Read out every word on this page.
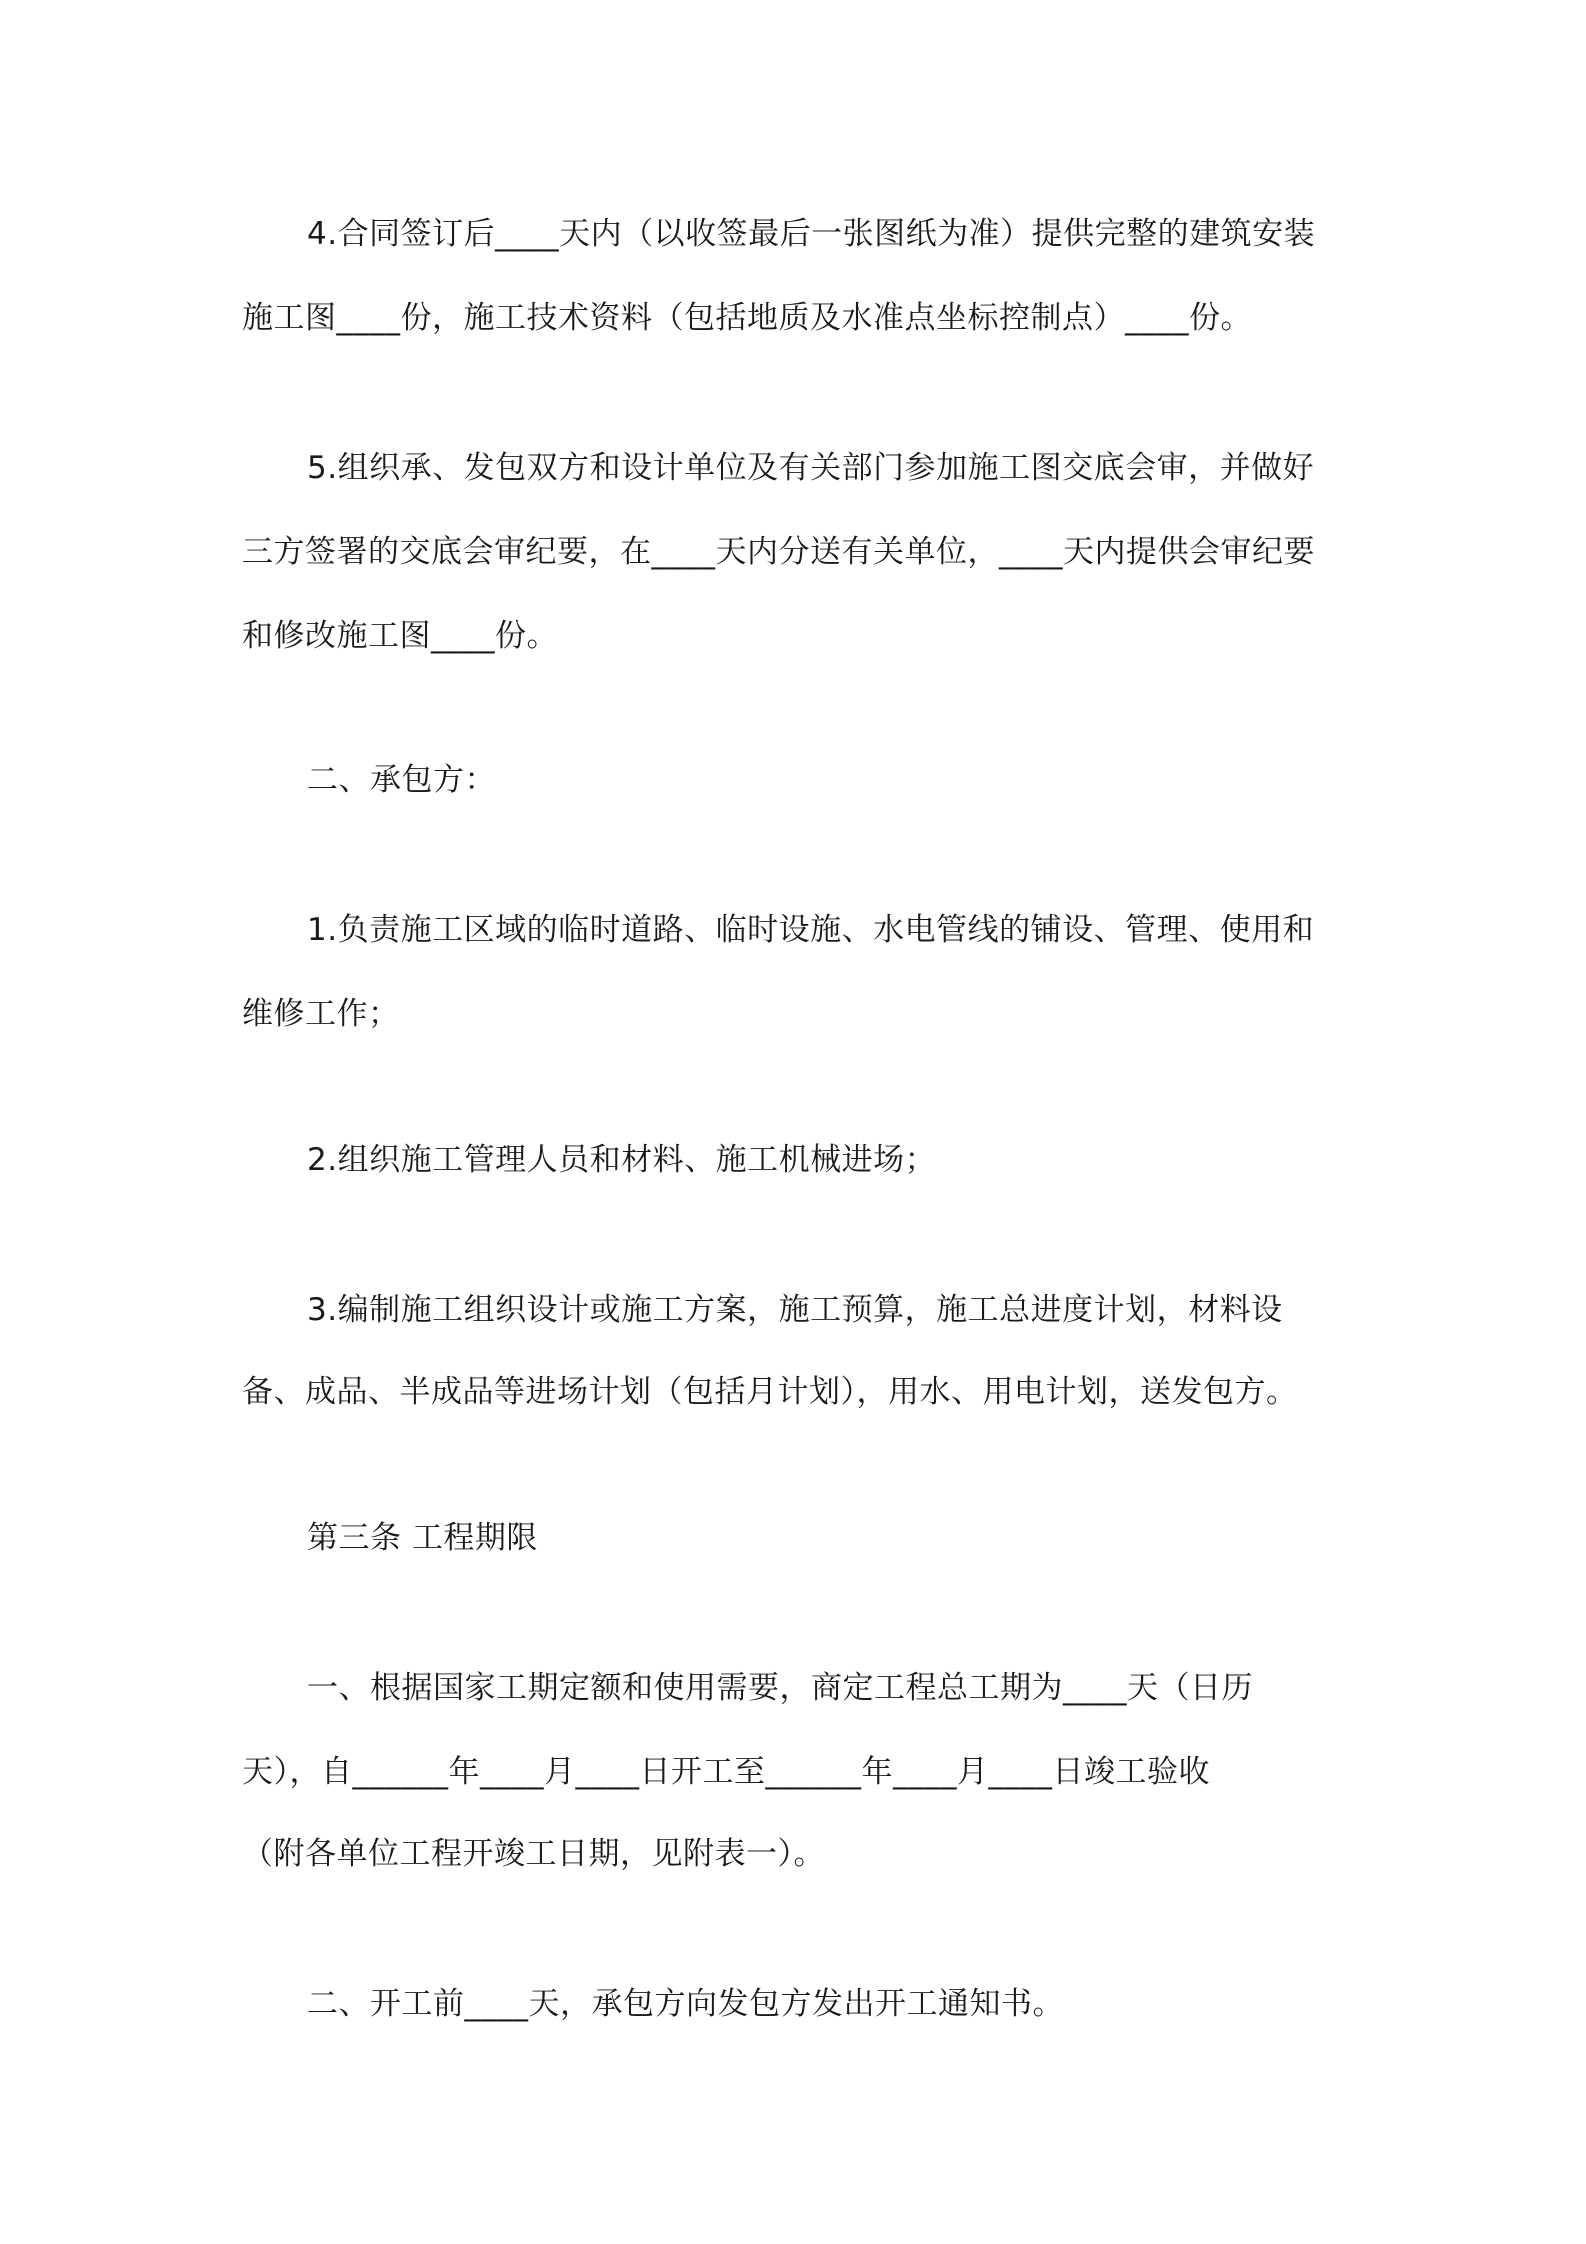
4.合同签订后____天内（以收签最后一张图纸为准）提供完整的建筑安装
施工图____份，施工技术资料（包括地质及水准点坐标控制点）____份。
5.组织承、发包双方和设计单位及有关部门参加施工图交底会审，并做好
三方签署的交底会审纪要，在____天内分送有关单位，____天内提供会审纪要
和修改施工图____份。
二、承包方：
1.负责施工区域的临时道路、临时设施、水电管线的铺设、管理、使用和
维修工作；
2.组织施工管理人员和材料、施工机械进场；
3.编制施工组织设计或施工方案，施工预算，施工总进度计划，材料设
备、成品、半成品等进场计划（包括月计划），用水、用电计划，送发包方。
第三条 工程期限
一、根据国家工期定额和使用需要，商定工程总工期为____天（日历
天），自______年____月____日开工至______年____月____日竣工验收
（附各单位工程开竣工日期，见附表一）。
二、开工前____天，承包方向发包方发出开工通知书。
